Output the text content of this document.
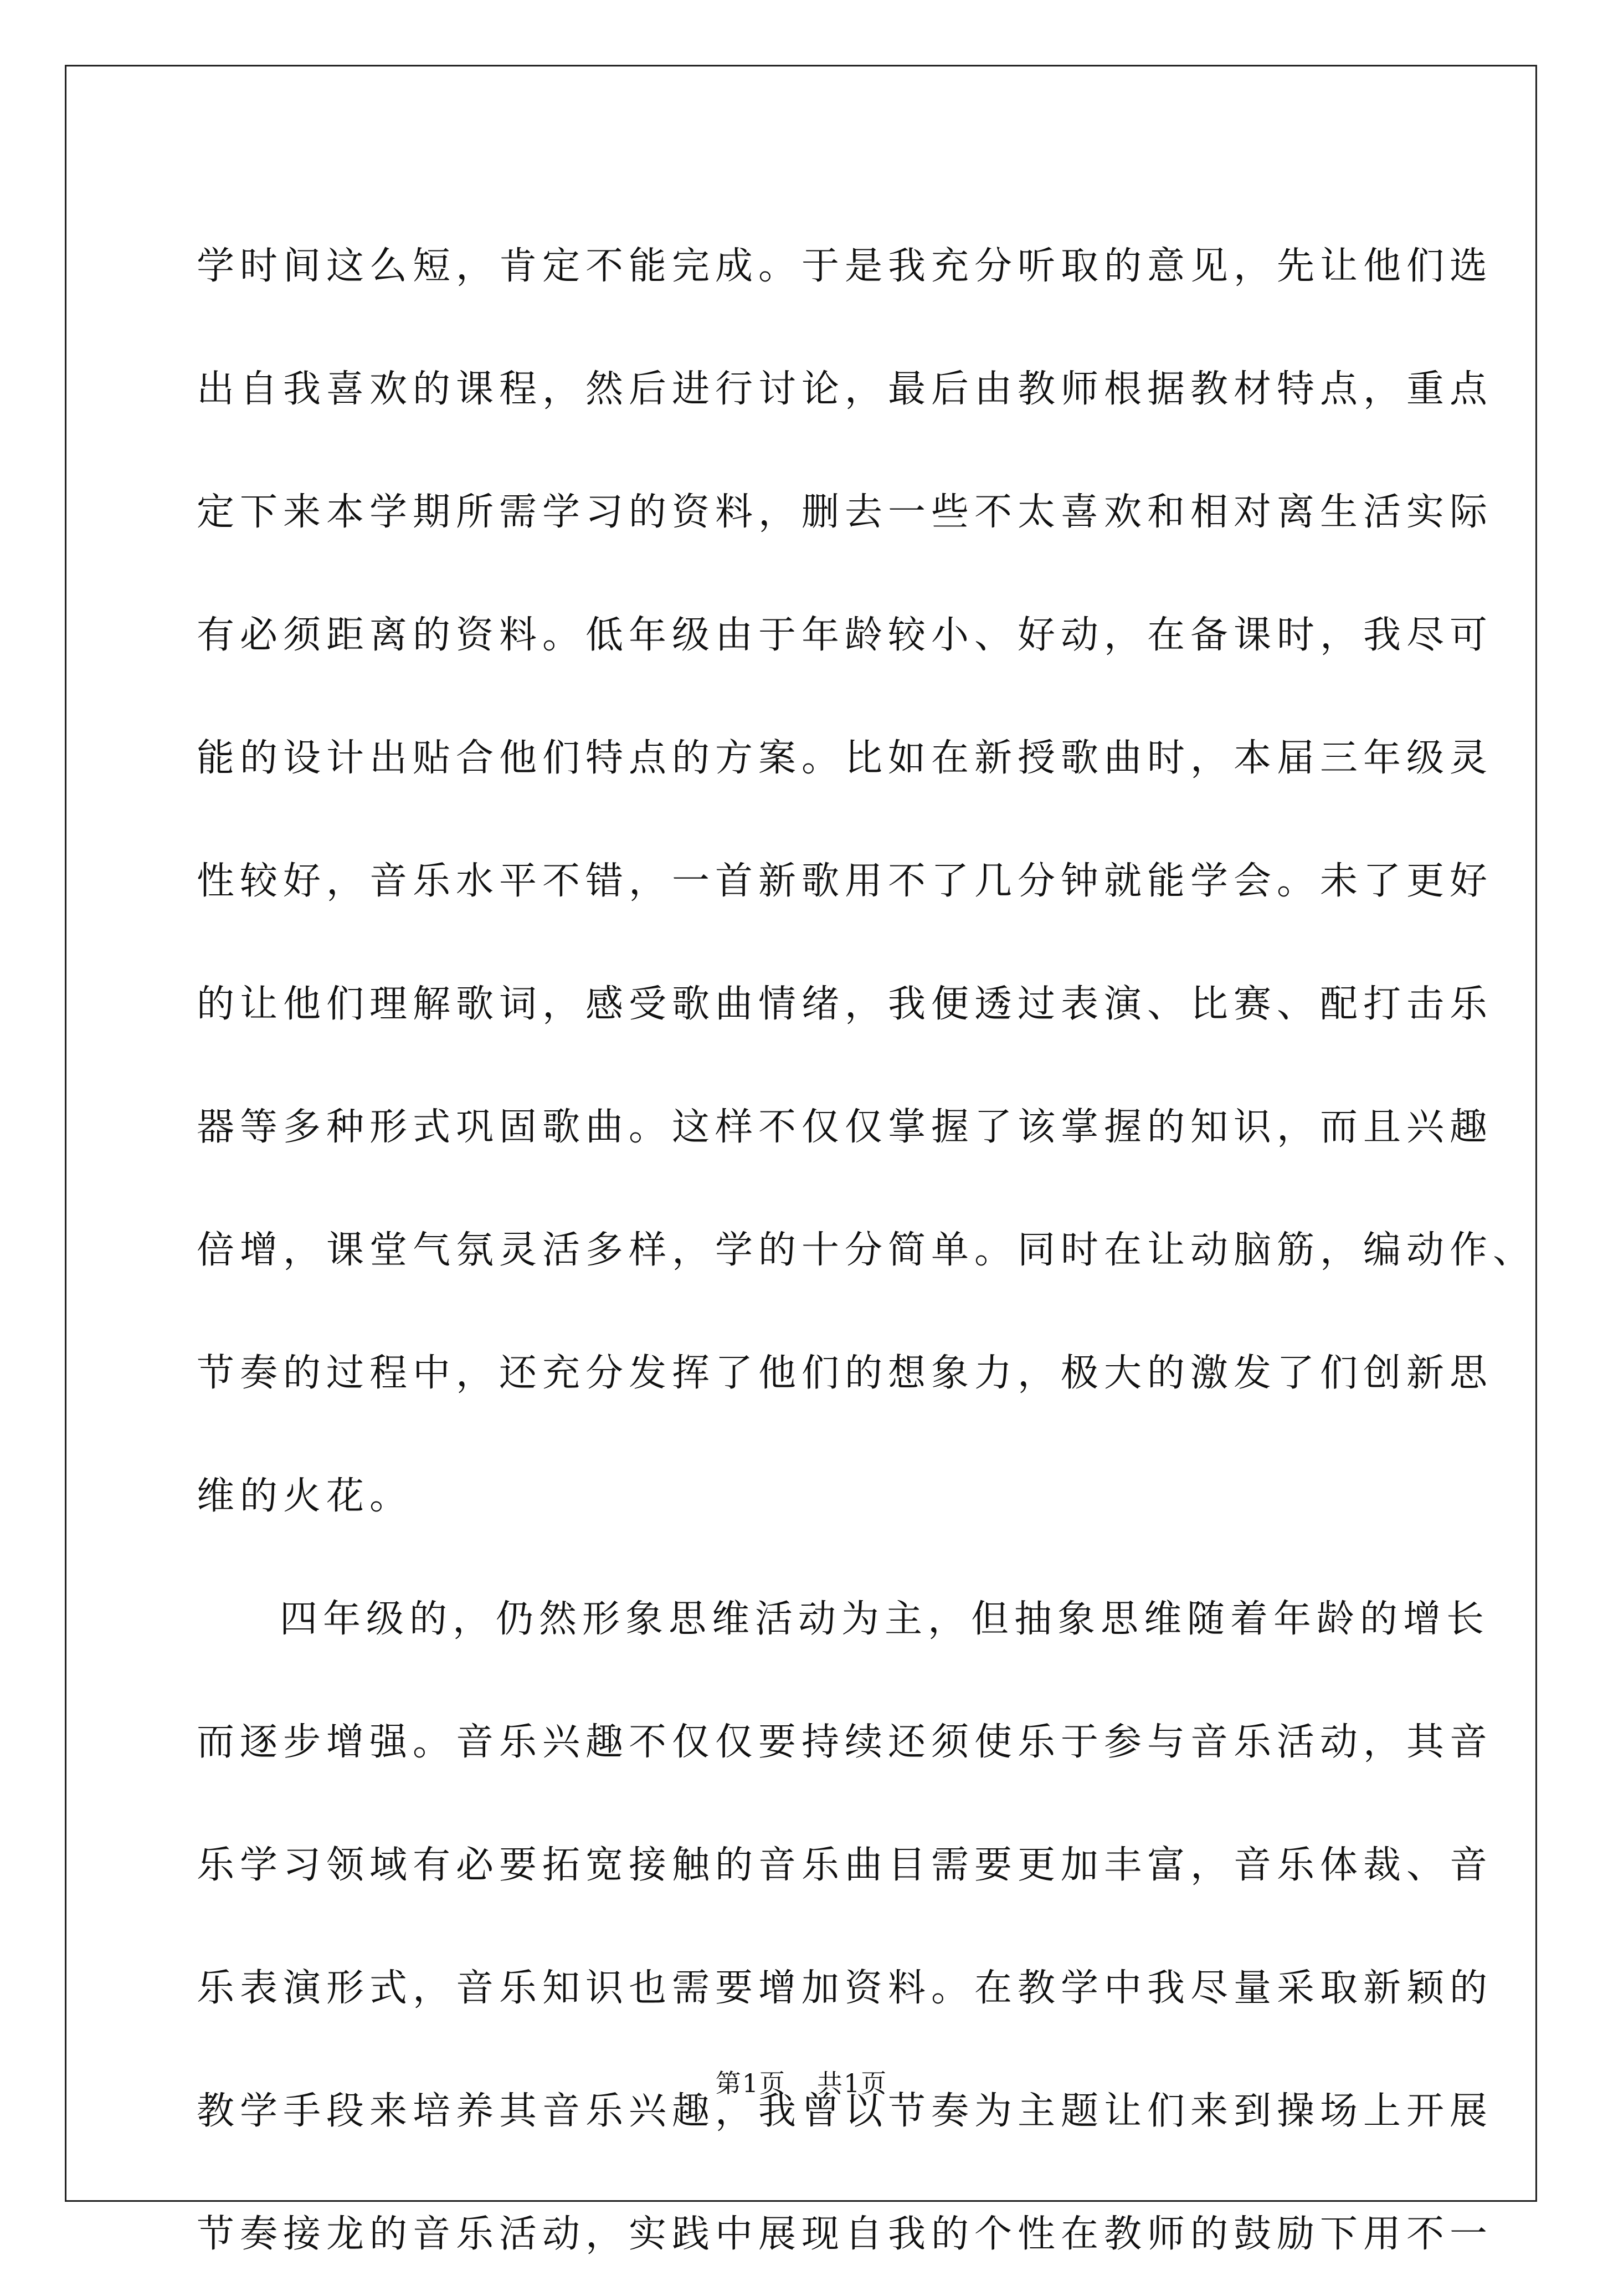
学时间这么短，肯定不能完成。于是我充分听取的意见，先让他们选
出自我喜欢的课程，然后进行讨论，最后由教师根据教材特点，重点
定下来本学期所需学习的资料，删去一些不太喜欢和相对离生活实际
有必须距离的资料。低年级由于年龄较小、好动，在备课时，我尽可
能的设计出贴合他们特点的方案。比如在新授歌曲时，本届三年级灵
性较好，音乐水平不错，一首新歌用不了几分钟就能学会。未了更好
的让他们理解歌词，感受歌曲情绪，我便透过表演、比赛、配打击乐
器等多种形式巩固歌曲。这样不仅仅掌握了该掌握的知识，而且兴趣
倍增，课堂气氛灵活多样，学的十分简单。同时在让动脑筋，编动作、
节奏的过程中，还充分发挥了他们的想象力，极大的激发了们创新思
维的火花。
四年级的，仍然形象思维活动为主，但抽象思维随着年龄的增长
而逐步增强。音乐兴趣不仅仅要持续还须使乐于参与音乐活动，其音
乐学习领域有必要拓宽接触的音乐曲目需要更加丰富，音乐体裁、音
乐表演形式，音乐知识也需要增加资料。在教学中我尽量采取新颖的
教学手段来培养其音乐兴趣，我曾以节奏为主题让们来到操场上开展
节奏接龙的音乐活动，实践中展现自我的个性在教师的鼓励下用不一
第1页 共1页
